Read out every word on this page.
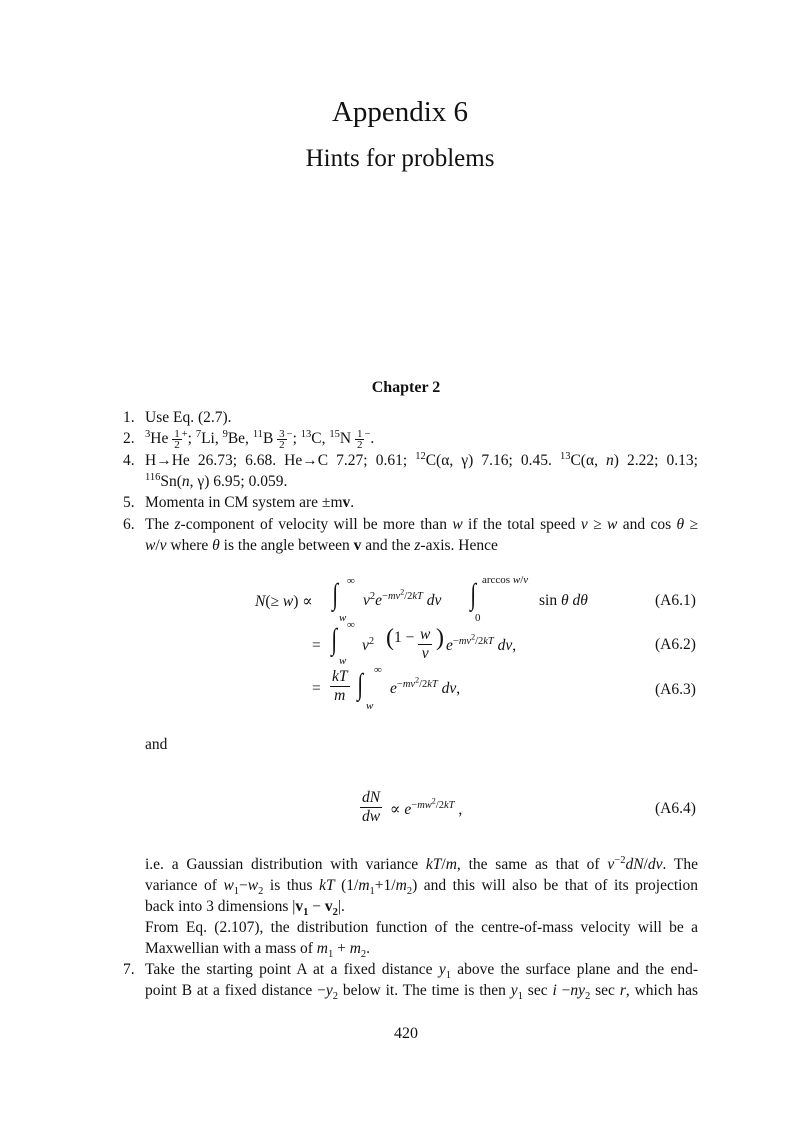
Appendix 6
Hints for problems
Chapter 2
1. Use Eq. (2.7).
2. $^3He \frac{1}{2} ^+$; $^7$Li, $^9$Be, $^{11}B \frac{3}{2} ^-$; $^{13}$C, $^{15}N \frac{1}{2} ^-$.
4. H→He 26.73; 6.68. He→C 7.27; 0.61; $^{12}$C(α, γ) 7.16; 0.45. $^{13}$C(α, n) 2.22; 0.13;
$^{116}$Sn(n, γ) 6.95; 0.059.
5. Momenta in CM system are ±mv.
6. The z-component of velocity will be more than w if the total speed v ≥ w and cos θ ≥
w/v where θ is the angle between v and the z-axis. Hence
N(≥ w) ∝ ∫ ∞
w
$v^2e^{-mv^2/2kT}$ dv ∫ arccos w/v
0
sin θ dθ	(A6.1)
= ∫ ∞
w
$v^2$ ($1 - \frac{w}{v}$ ) $e^{-mv^2/2kT}$ dv,	(A6.2)
= $\frac{kT}{m}$ ∫ ∞
w
$e^{-mv^2/2kT}$ dv,	(A6.3)
and
$\frac{dN}{dw} \propto e^{-mw^2/2kT}$ ,	(A6.4)
i.e. a Gaussian distribution with variance kT/m, the same as that of $v^{-2}dN/dv$. The
variance of $w_1-w_2$ is thus kT $(1/m_1+1/m_2)$ and this will also be that of its projection
back into 3 dimensions $|v_1 - v_2|$.
From Eq. (2.107), the distribution function of the centre-of-mass velocity will be a
Maxwellian with a mass of $m_1 + m_2$.
7. Take the starting point A at a fixed distance $y_1$ above the surface plane and the end-
point B at a fixed distance $-y_2$ below it. The time is then $y_1$ $\sec i -ny_2$ sec r, which has
420
